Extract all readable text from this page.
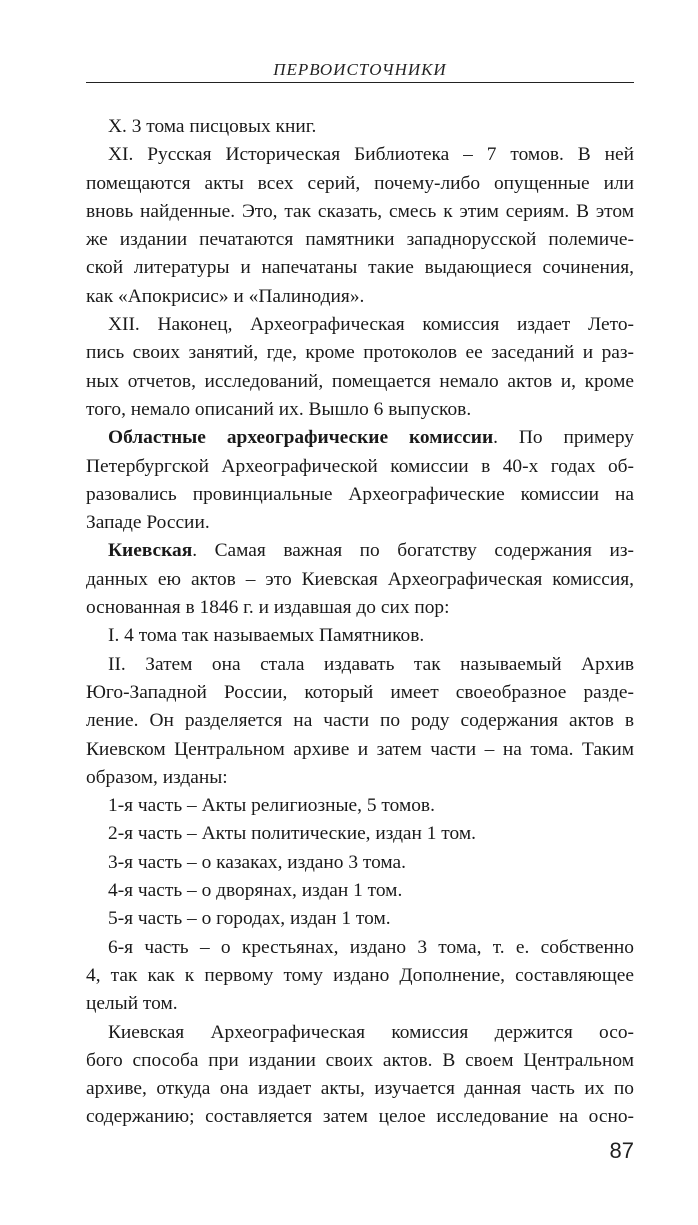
ПЕРВОИСТОЧНИКИ
X. 3 тома писцовых книг.
XI. Русская Историческая Библиотека – 7 томов. В ней
помещаются акты всех серий, почему-либо опущенные или
вновь найденные. Это, так сказать, смесь к этим сериям. В этом
же издании печатаются памятники западнорусской полемиче-
ской литературы и напечатаны такие выдающиеся сочинения,
как «Апокрисис» и «Палинодия».
XII. Наконец, Археографическая комиссия издает Лето-
пись своих занятий, где, кроме протоколов ее заседаний и раз-
ных отчетов, исследований, помещается немало актов и, кроме
того, немало описаний их. Вышло 6 выпусков.
Областные археографические комиссии. По примеру
Петербургской Археографической комиссии в 40-х годах об-
разовались провинциальные Археографические комиссии на
Западе России.
Киевская. Самая важная по богатству содержания из-
данных ею актов – это Киевская Археографическая комиссия,
основанная в 1846 г. и издавшая до сих пор:
I. 4 тома так называемых Памятников.
II. Затем она стала издавать так называемый Архив
Юго-Западной России, который имеет своеобразное разде-
ление. Он разделяется на части по роду содержания актов в
Киевском Центральном архиве и затем части – на тома. Таким
образом, изданы:
1-я часть – Акты религиозные, 5 томов.
2-я часть – Акты политические, издан 1 том.
3-я часть – о казаках, издано 3 тома.
4-я часть – о дворянах, издан 1 том.
5-я часть – о городах, издан 1 том.
6-я часть – о крестьянах, издано 3 тома, т. е. собственно
4, так как к первому тому издано Дополнение, составляющее
целый том.
Киевская Археографическая комиссия держится осо-
бого способа при издании своих актов. В своем Центральном
архиве, откуда она издает акты, изучается данная часть их по
содержанию; составляется затем целое исследование на осно-
87
